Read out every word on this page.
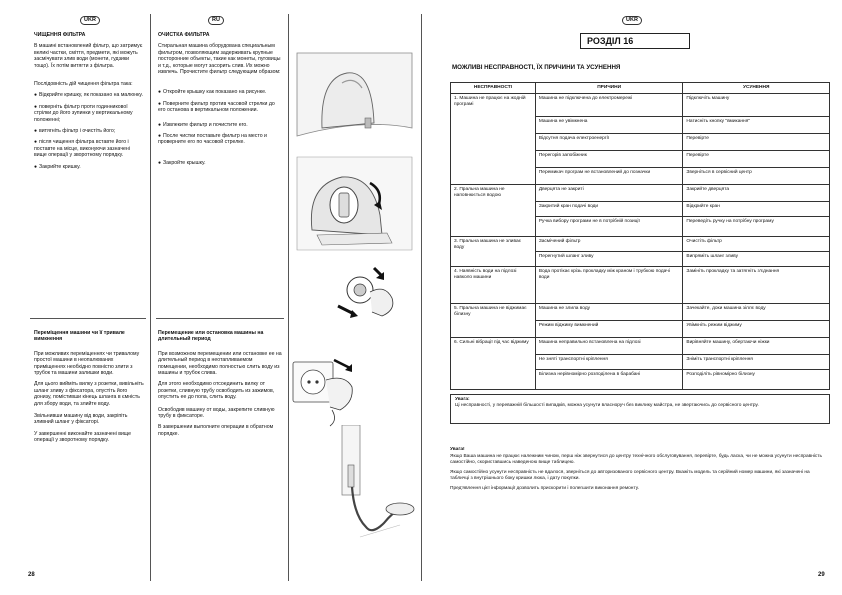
UKR	RU	UKR

ЧИЩЕННЯ ФІЛЬТРА

В машині встановлений фільтр, що затримує великі частки, сміття, предмети, які можуть засмічувати злив води (монети, гудзики тощо). Їх потім витягти з фільтра.

Послідовність дій чищення фільтра така:

● Відкрийте кришку, як показано на малюнку.

● поверніть фільтр проти годинникової стрілки до його зупинки у вертикальному положенні;

● витягніть фільтр і очистіть його;

● після чищення фільтра вставте його і поставте на місце, виконуючи зазначені вище операції у зворотному порядку.

● Закрийте кришку.

Переміщення машини чи її тривале вимкнення

При можливих переміщеннях чи тривалому простої машини в неопалюваних приміщеннях необхідно повністю злити з трубок та машини залишки води.

Для цього вийміть вилку з розетки, вивільніть шланг зливу з фіксатора, опустіть його донизу, помістивши кінець шланга в ємність для збору води, та злийте воду.

Звільнивши машину від води, закріпіть зливний шланг у фіксаторі.

У завершенні виконайте зазначені вище операції у зворотному порядку.

ОЧИСТКА ФИЛЬТРА

Стиральная машина оборудована специальным фильтром, позволяющим задерживать крупные посторонние объекты, такие как монеты, пуговицы и т.д., которые могут засорить слив. Их можно извлечь. Прочистите фильтр следующим образом:

● Откройте крышку как показано на рисунке.

● Поверните фильтр против часовой стрелки до его останова в вертикальном положении.

● Извлеките фильтр и почистите его.

● После чистки поставьте фильтр на место и проверните его по часовой стрелке.

● Закройте крышку.

Перемещение или остановка машины на длительный период

При возможном перемещении или остановке ее на длительный период в неотапливаемом помещении, необходимо полностью слить воду из машины и трубок слива.

Для этого необходимо отсоединить вилку от розетки, сливную трубу освободить из зажимов, опустить ее до пола, слить воду.

Освободив машину от воды, закрепите сливную трубу в фиксаторе.

В завершении выполните операции в обратном порядке.

28
РОЗДІЛ 16
МОЖЛИВІ НЕСПРАВНОСТІ, ЇХ ПРИЧИНИ ТА УСУНЕННЯ
НЕСПРАВНОСТІ	ПРИЧИНИ	УСУНЕННЯ
1. Машина не працює на жодній програмі	Машина не підключена до електромережі	Підключіть машину
	Машина не увімкнена	Натисніть кнопку "вмикання"
	Відсутня подача електроенергії	Перевірте
	Перегорів запобіжник	Перевірте
	Перемикач програм не встановлений до позначки	Зверніться в сервісний центр
2. Пральна машина не наповнюється водою	Дверцята не закриті	Закрийте дверцята
	Закритий кран подачі води	Відкрийте кран
	Ручка вибору програми не в потрібній позиції	Переведіть ручку на потрібну програму
3. Пральна машина не зливає воду	Засмічений фільтр	Очистіть фільтр
	Перегнутий шланг зливу	Випряміть шланг зливу
4. Наявність води на підлозі навколо машини	Вода протікає крізь прокладку між краном і трубкою подачі води	Замініть прокладку та затягніть з'єднання
5. Пральна машина не віджимає білизну	Машина не злила воду	Зачекайте, доки машина зіллє воду
	Режим віджиму вимкнений	Увімкніть режим віджиму
6. Сильні вібрації під час віджиму	Машина неправильно встановлена на підлозі	Вирівняйте машину, обертаючи ніжки
	Не зняті транспортні кріплення	Зніміть транспортні кріплення
	Білизна нерівномірно розподілена в барабані	Розподіліть рівномірно білизну
Увага:
Ці несправності, у переважній більшості випадків, можна усунути власноруч без виклику майстра, не звертаючись до сервісного центру.

Увага!

Якщо Ваша машина не працює належним чином, перш ніж звернутися до центру технічного обслуговування, перевірте, будь ласка, чи не можна усунути несправність самостійно, скориставшись наведеною вище таблицею.

Якщо самостійно усунути несправність не вдалося, зверніться до авторизованого сервісного центру. Вкажіть модель та серійний номер машини, які зазначені на табличці з внутрішнього боку кришки люка, і дату покупки.

Пред'явлення цієї інформації дозволить прискорити і полегшити виконання ремонту.

29
